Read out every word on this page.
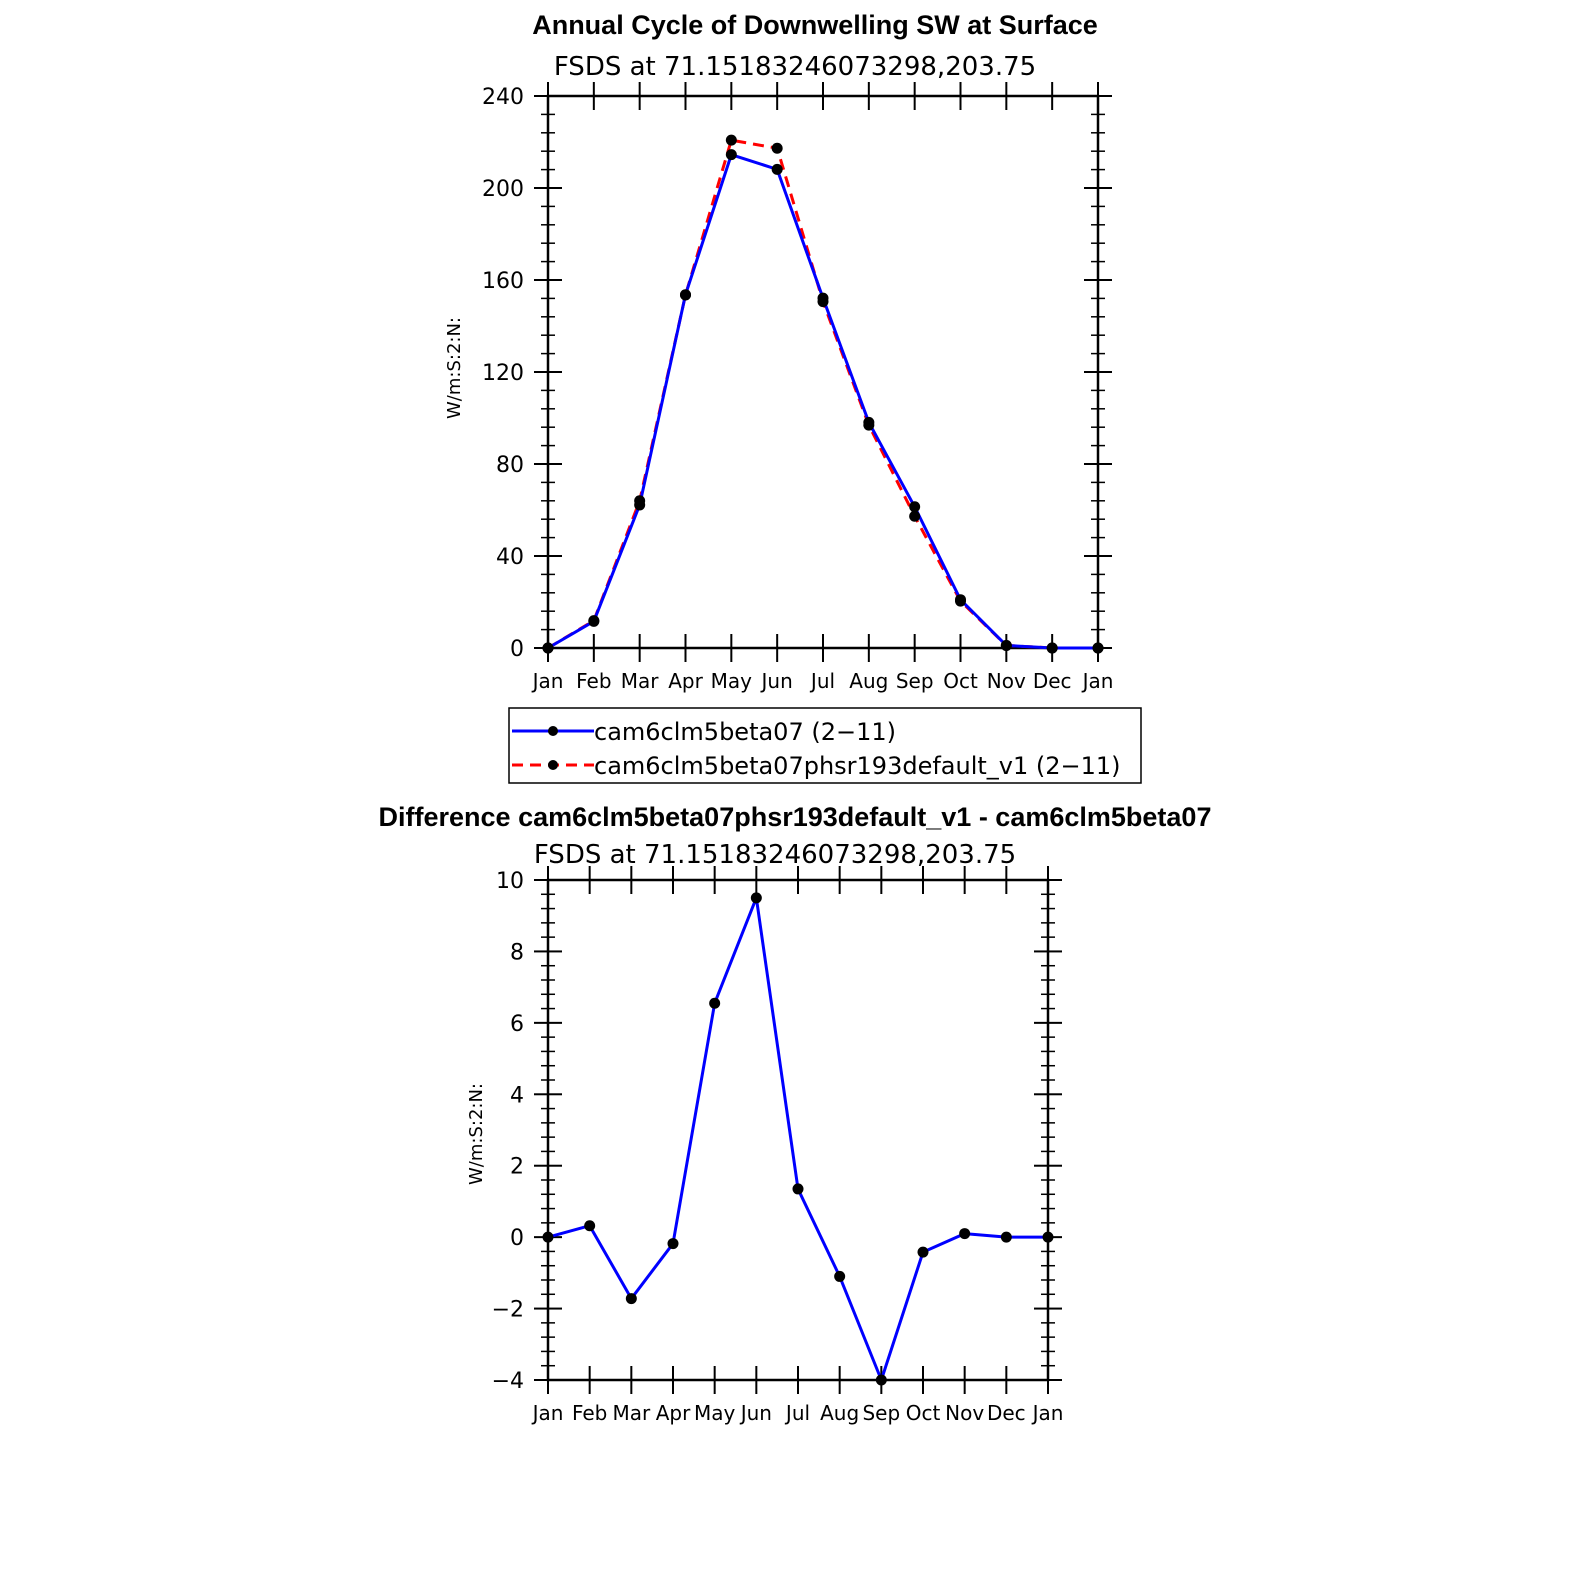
Annual Cycle of Downwelling SW at Surface
FSDS at 71.15183246073298,203.75
W/m:S:2:N:
Jan Feb Mar Apr May Jun Jul Aug Sep Oct Nov Dec Jan
0
40
80
120
160
200
240
cam6clm5beta07 (2−11)
cam6clm5beta07phsr193default_v1 (2−11)
Difference cam6clm5beta07phsr193default_v1 - cam6clm5beta07
FSDS at 71.15183246073298,203.75
W/m:S:2:N:
Jan Feb Mar Apr May Jun Jul Aug Sep Oct Nov Dec Jan
−4
−2
0
2
4
6
8
10
